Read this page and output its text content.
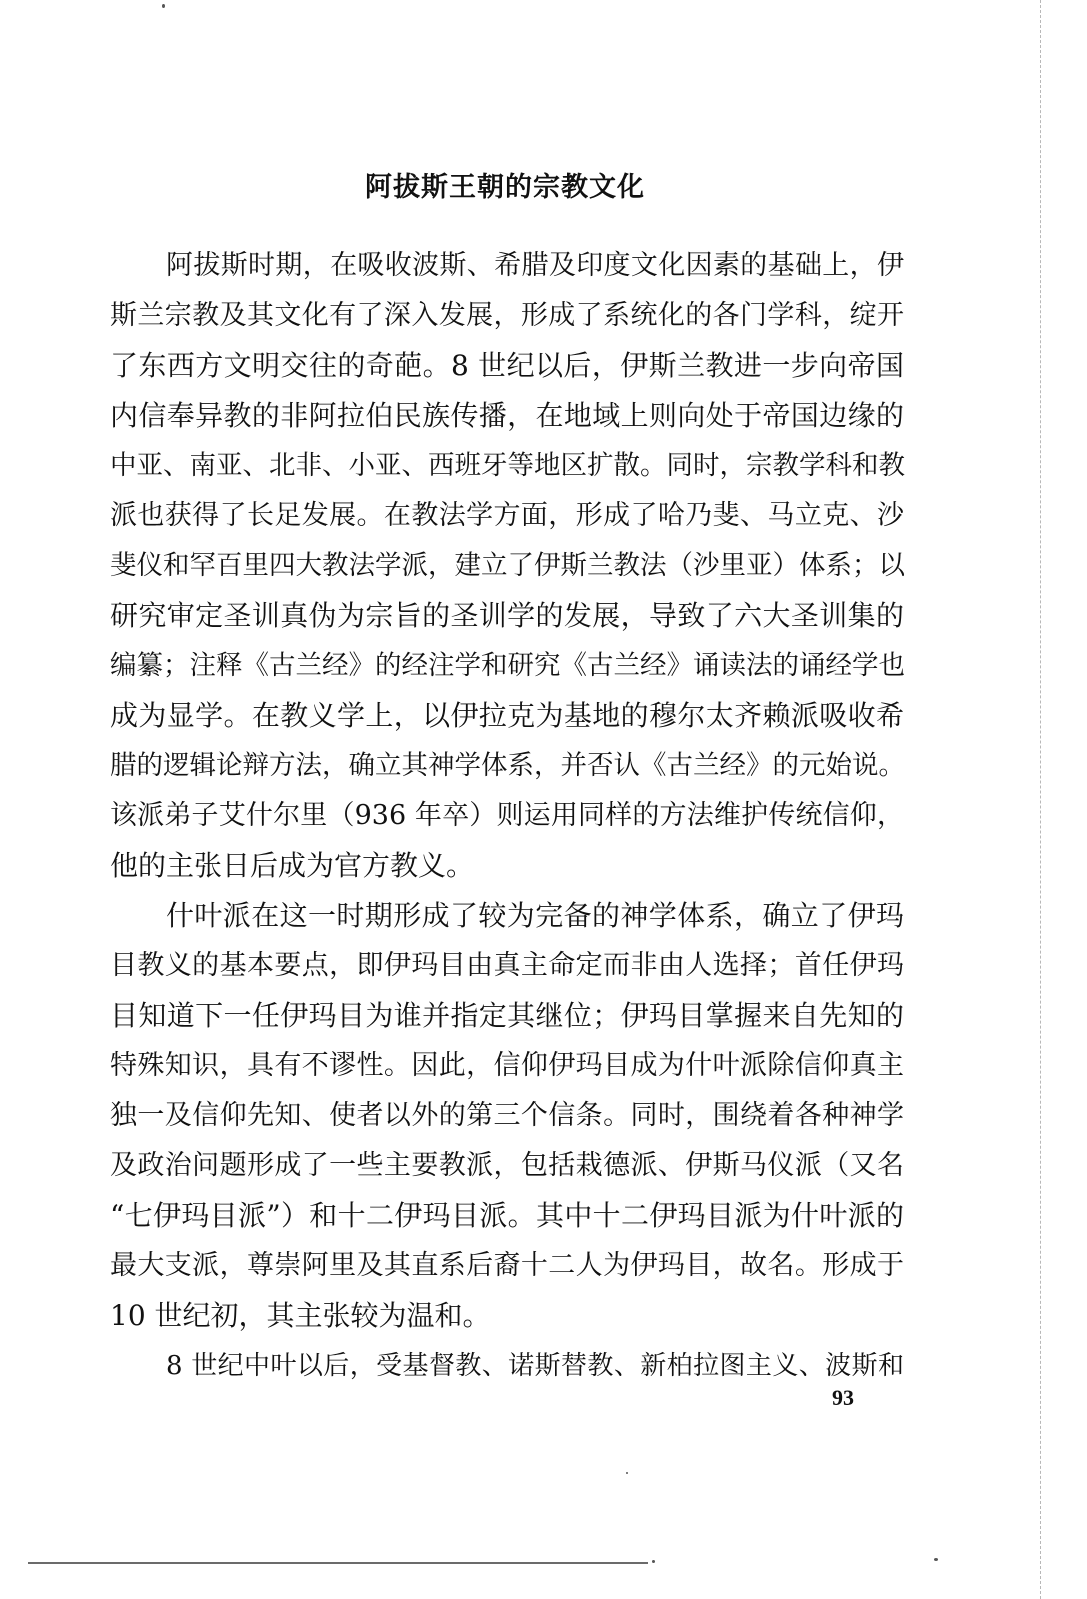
阿拔斯王朝的宗教文化
阿拔斯时期，在吸收波斯、希腊及印度文化因素的基础上，伊
斯兰宗教及其文化有了深入发展，形成了系统化的各门学科，绽开
了东西方文明交往的奇葩。8 世纪以后，伊斯兰教进一步向帝国
内信奉异教的非阿拉伯民族传播，在地域上则向处于帝国边缘的
中亚、南亚、北非、小亚、西班牙等地区扩散。同时，宗教学科和教
派也获得了长足发展。在教法学方面，形成了哈乃斐、马立克、沙
斐仪和罕百里四大教法学派，建立了伊斯兰教法（沙里亚）体系；以
研究审定圣训真伪为宗旨的圣训学的发展，导致了六大圣训集的
编纂；注释《古兰经》的经注学和研究《古兰经》诵读法的诵经学也
成为显学。在教义学上，以伊拉克为基地的穆尔太齐赖派吸收希
腊的逻辑论辩方法，确立其神学体系，并否认《古兰经》的元始说。
该派弟子艾什尔里（936 年卒）则运用同样的方法维护传统信仰，
他的主张日后成为官方教义。
什叶派在这一时期形成了较为完备的神学体系，确立了伊玛
目教义的基本要点，即伊玛目由真主命定而非由人选择；首任伊玛
目知道下一任伊玛目为谁并指定其继位；伊玛目掌握来自先知的
特殊知识，具有不谬性。因此，信仰伊玛目成为什叶派除信仰真主
独一及信仰先知、使者以外的第三个信条。同时，围绕着各种神学
及政治问题形成了一些主要教派，包括栽德派、伊斯马仪派（又名
“七伊玛目派”）和十二伊玛目派。其中十二伊玛目派为什叶派的
最大支派，尊崇阿里及其直系后裔十二人为伊玛目，故名。形成于
10 世纪初，其主张较为温和。
8 世纪中叶以后，受基督教、诺斯替教、新柏拉图主义、波斯和
93
